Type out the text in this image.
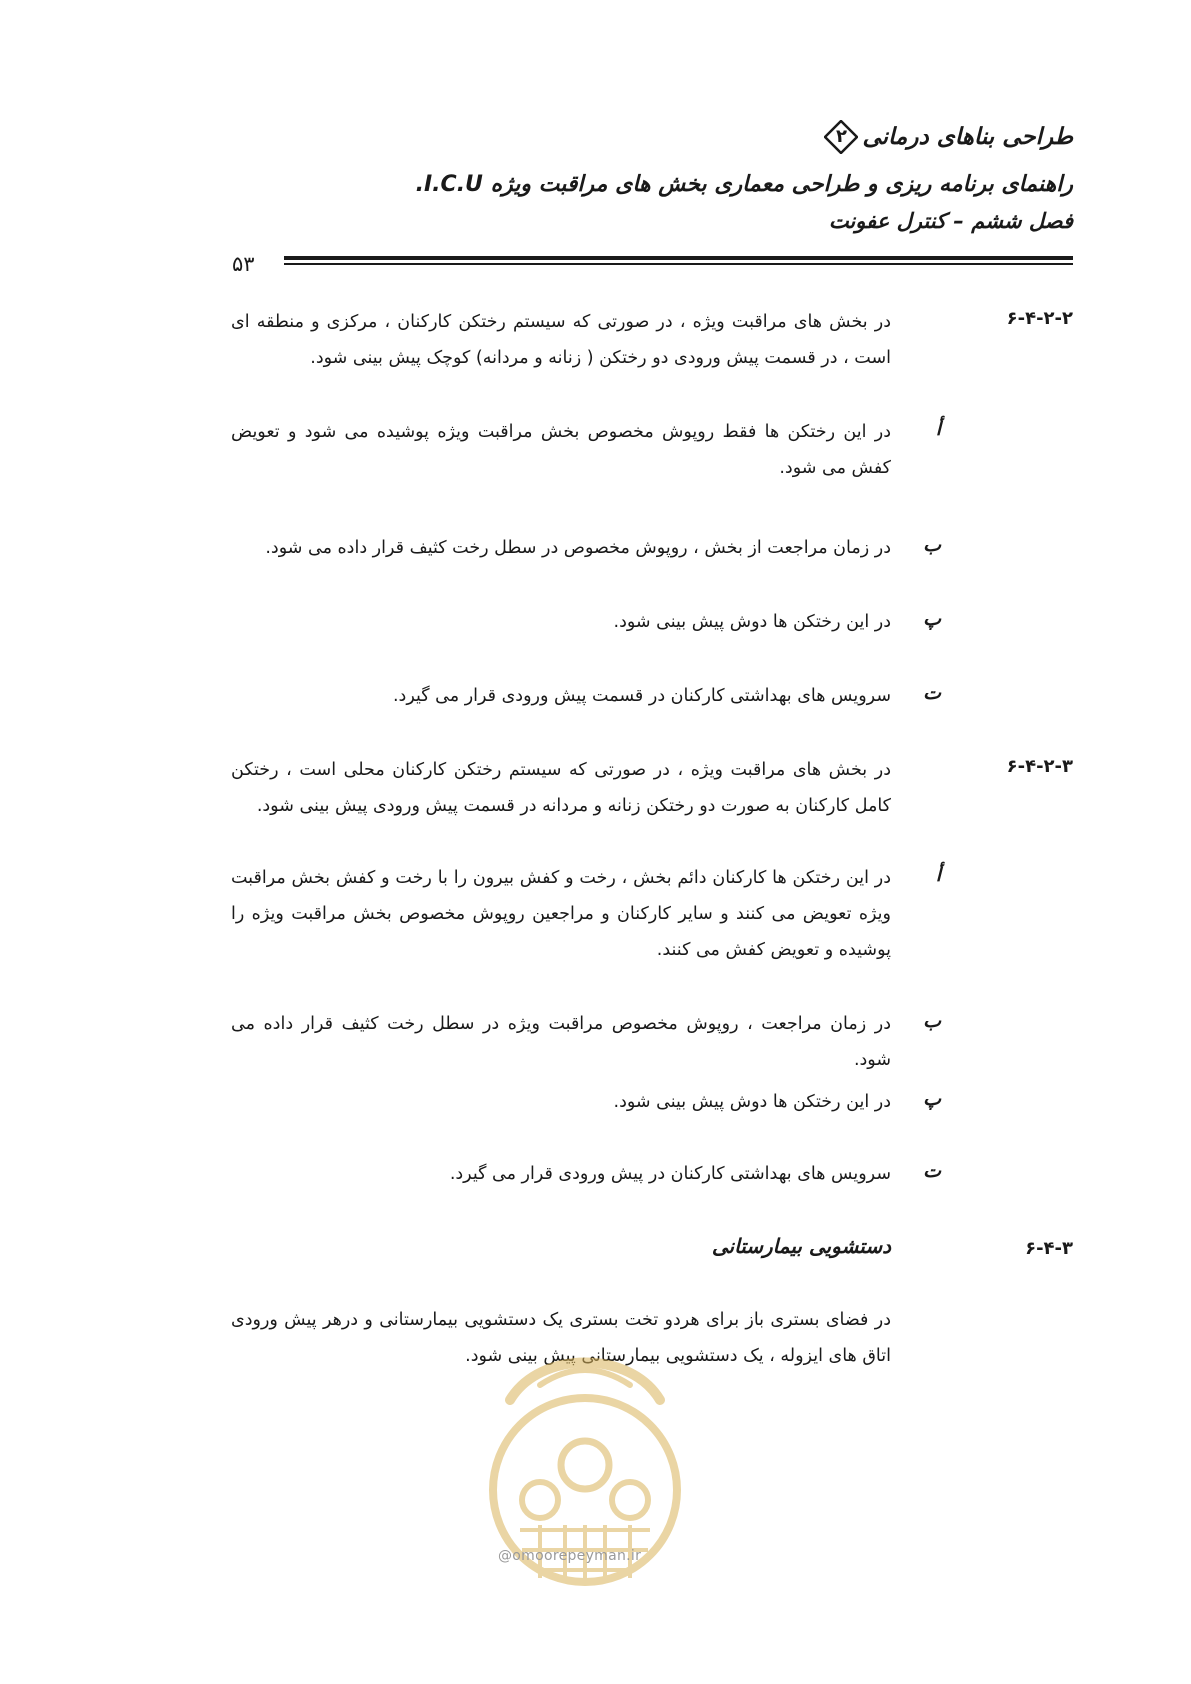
طراحی بناهای درمانی
۲
راهنمای برنامه ریزی و طراحی معماری بخش های مراقبت ویژه I.C.U.
فصل ششم – کنترل عفونت
۵۳
۶-۴-۲-۲
در بخش های مراقبت ویژه ، در صورتی که سیستم رختکن کارکنان ، مرکزی و منطقه ای است ، در قسمت پیش ورودی دو رختکن ( زنانه و مردانه) کوچک پیش بینی شود.
أ
در این رختکن ها فقط روپوش مخصوص بخش مراقبت ویژه پوشیده می شود و تعویض کفش می شود.
ب
در زمان مراجعت از بخش ، روپوش مخصوص در سطل رخت کثیف قرار داده می شود.
پ
در این رختکن ها دوش پیش بینی شود.
ت
سرویس های بهداشتی کارکنان در قسمت پیش ورودی قرار می گیرد.
۶-۴-۲-۳
در بخش های مراقبت ویژه ، در صورتی که سیستم رختکن کارکنان محلی است ، رختکن کامل کارکنان به صورت دو رختکن زنانه و مردانه در قسمت پیش ورودی پیش بینی شود.
أ
در این رختکن ها کارکنان دائم بخش ، رخت و کفش بیرون را با رخت و کفش بخش مراقبت ویژه تعویض می کنند و سایر کارکنان و مراجعین روپوش مخصوص بخش مراقبت ویژه را پوشیده و تعویض کفش می کنند.
ب
در زمان مراجعت ، روپوش مخصوص مراقبت ویژه در سطل رخت کثیف قرار داده می شود.
پ
در این رختکن ها دوش پیش بینی شود.
ت
سرویس های بهداشتی کارکنان در پیش ورودی قرار می گیرد.
۶-۴-۳
دستشویی بیمارستانی
در فضای بستری باز برای هردو تخت بستری یک دستشویی بیمارستانی و درهر پیش ورودی اتاق های ایزوله ، یک دستشویی بیمارستانی پیش بینی شود.
@omoorepeyman.ir
